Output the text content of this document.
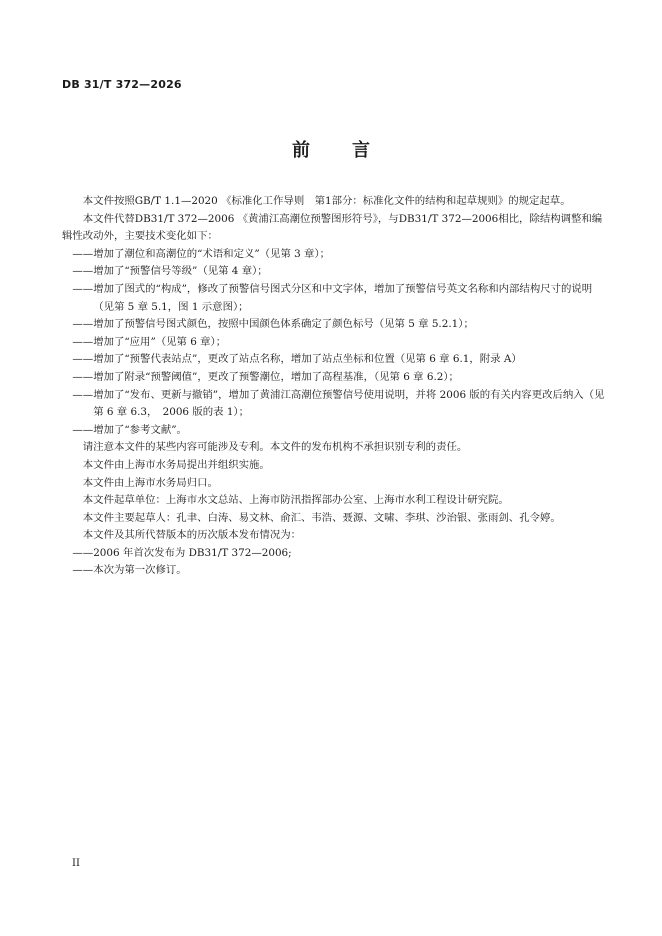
DB 31/T 372—2026
前言

本文件按照GB/T 1.1—2020 《标准化工作导则　第1部分：标准化文件的结构和起草规则》的规定起草。

本文件代替DB31/T 372—2006 《黄浦江高潮位预警图形符号》，与DB31/T 372—2006相比，除结构调整和编辑性改动外，主要技术变化如下：

—— 增加了潮位和高潮位的“术语和定义”（见第 3 章）；

—— 增加了“预警信号等级”（见第 4 章）；

—— 增加了图式的“构成”，修改了预警信号图式分区和中文字体，增加了预警信号英文名称和内部结构尺寸的说明（见第 5 章 5.1，图 1 示意图）；

—— 增加了预警信号图式颜色，按照中国颜色体系确定了颜色标号（见第 5 章 5.2.1）；

—— 增加了“应用”（见第 6 章）；

—— 增加了“预警代表站点”，更改了站点名称，增加了站点坐标和位置（见第 6 章 6.1，附录 A）

—— 增加了附录“预警阈值”，更改了预警潮位，增加了高程基准，（见第 6 章 6.2）；

—— 增加了“发布、更新与撤销”，增加了黄浦江高潮位预警信号使用说明，并将 2006 版的有关内容更改后纳入（见第 6 章 6.3，　2006 版的表 1）；

—— 增加了“参考文献”。

请注意本文件的某些内容可能涉及专利。本文件的发布机构不承担识别专利的责任。

本文件由上海市水务局提出并组织实施。

本文件由上海市水务局归口。

本文件起草单位：上海市水文总站、上海市防汛指挥部办公室、上海市水利工程设计研究院。

本文件主要起草人：孔聿、白涛、易文林、俞汇、韦浩、聂源、文啸、李琪、沙治银、张雨剑、孔令婷。

本文件及其所代替版本的历次版本发布情况为：

—— 2006 年首次发布为 DB31/T 372—2006;

—— 本次为第一次修订。

II
